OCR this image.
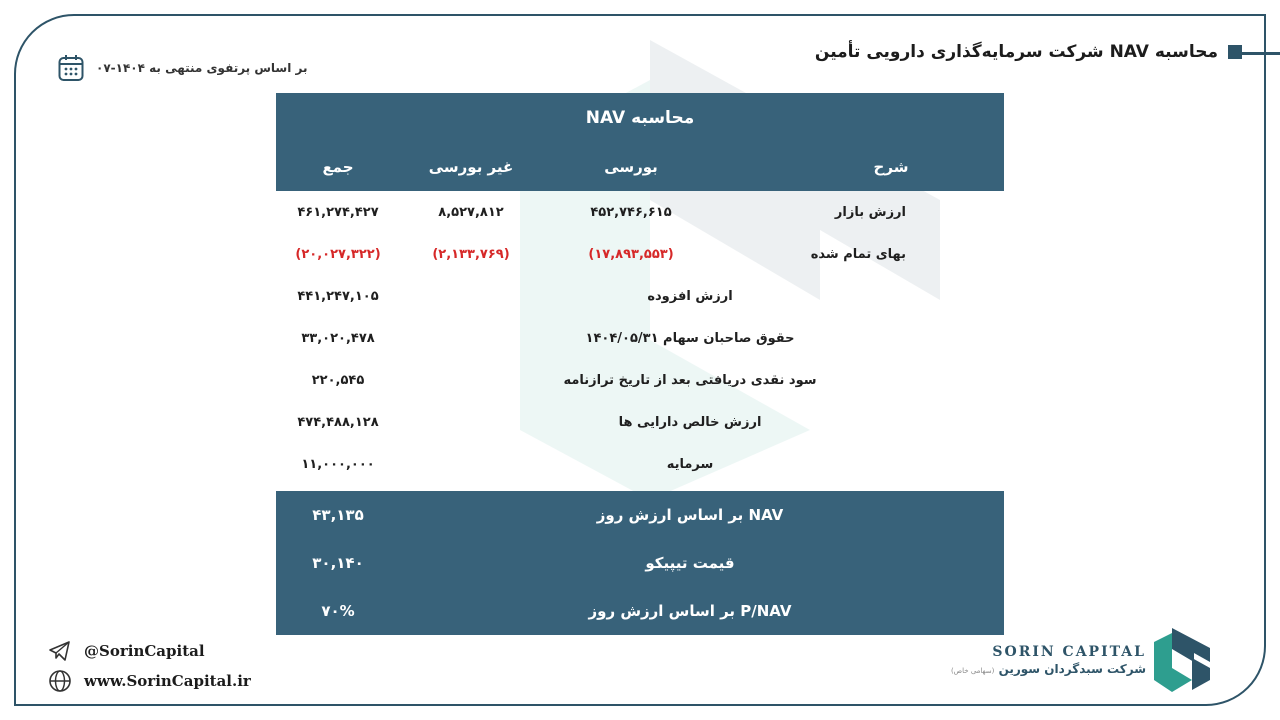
محاسبه NAV شرکت سرمایه‌گذاری دارویی تأمین
بر اساس پرتفوی منتهی به ۱۴۰۴-۰۷
محاسبه NAV
شرح
بورسی
غیر بورسی
جمع
ارزش بازار
۴۵۲,۷۴۶,۶۱۵
۸,۵۲۷,۸۱۲
۴۶۱,۲۷۴,۴۲۷
بهای تمام شده
(۱۷,۸۹۳,۵۵۳)
(۲,۱۳۳,۷۶۹)
(۲۰,۰۲۷,۳۲۲)
ارزش افزوده
۴۴۱,۲۴۷,۱۰۵
حقوق صاحبان سهام ۱۴۰۴/۰۵/۳۱
۳۳,۰۲۰,۴۷۸
سود نقدی دریافتی بعد از تاریخ ترازنامه
۲۲۰,۵۴۵
ارزش خالص دارایی ها
۴۷۴,۴۸۸,۱۲۸
سرمایه
۱۱,۰۰۰,۰۰۰
NAV بر اساس ارزش روز
۴۳,۱۳۵
قیمت تیپیکو
۳۰,۱۴۰
P/NAV بر اساس ارزش روز
۷۰%
@SorinCapital
www.SorinCapital.ir
SORIN CAPITAL
شرکت سبدگردان سورین (سهامی خاص)
